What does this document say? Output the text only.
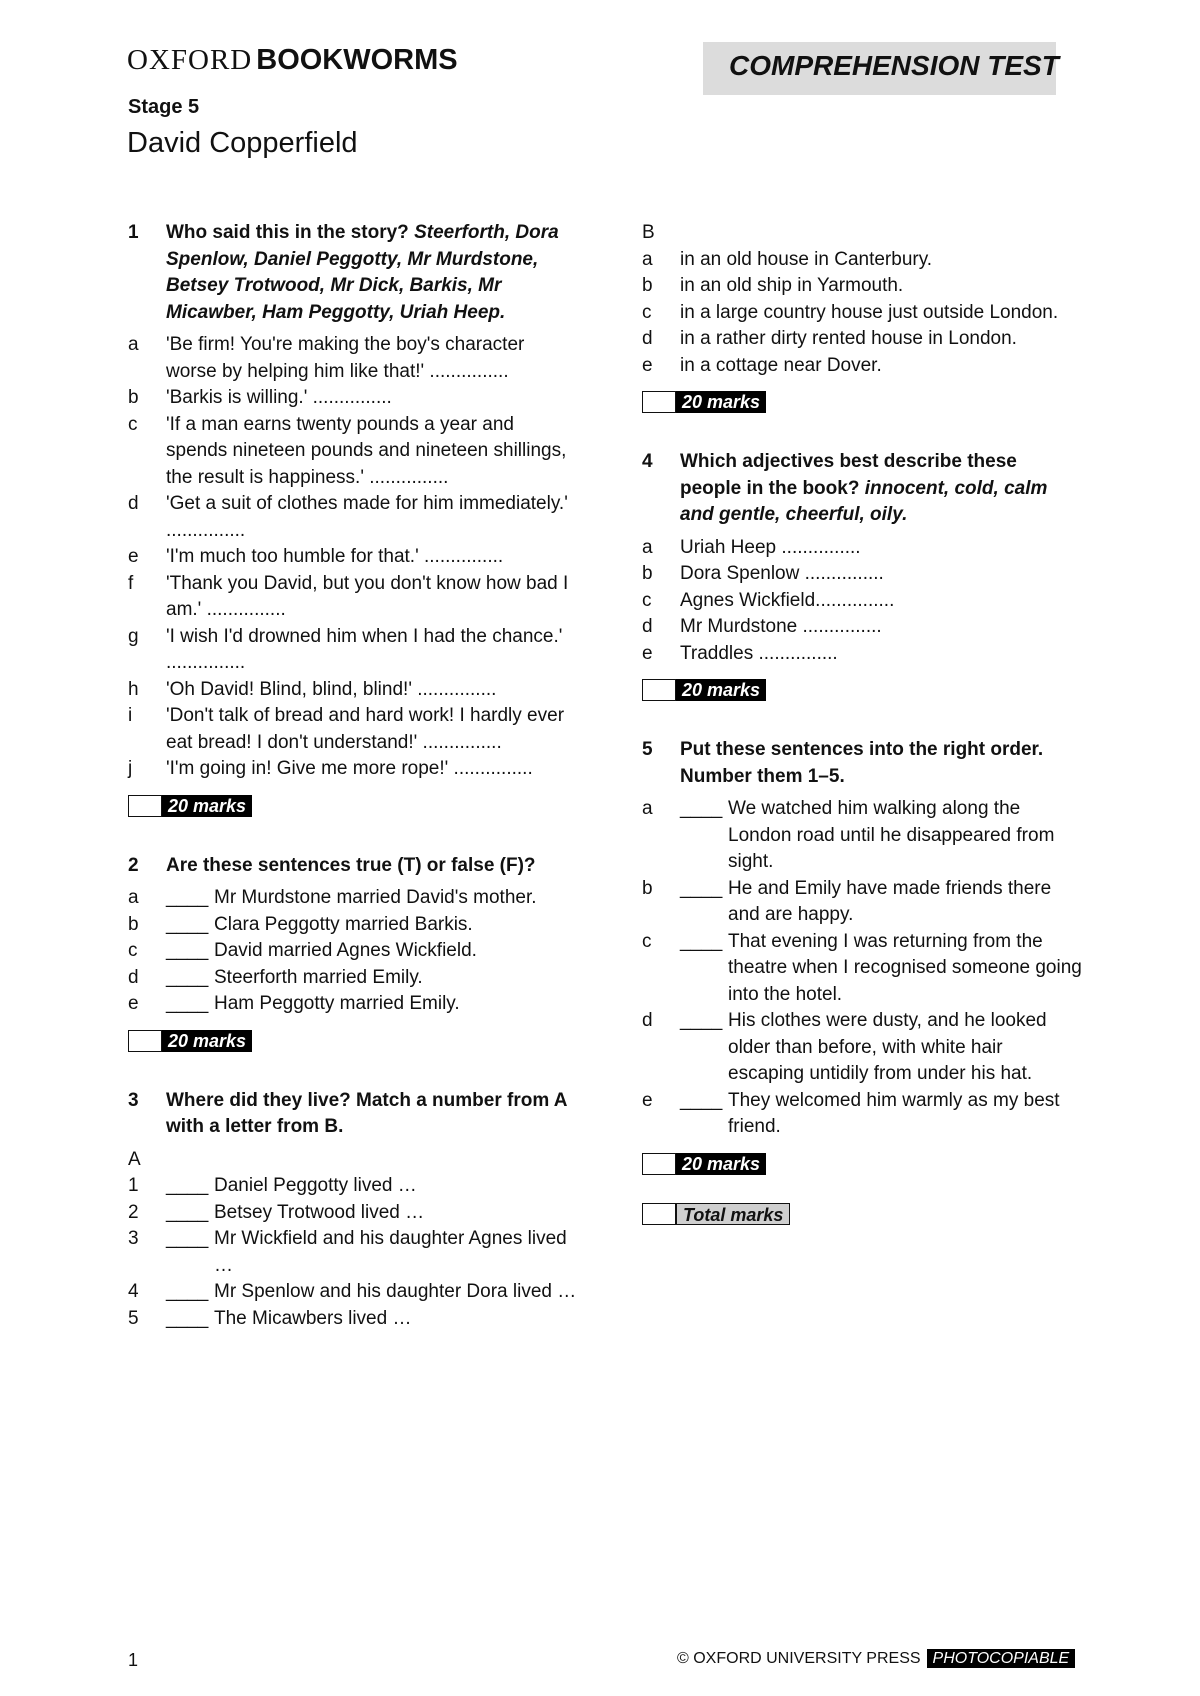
OXFORD BOOKWORMS	COMPREHENSION TEST
Stage 5
David Copperfield
1	Who said this in the story? Steerforth, Dora Spenlow, Daniel Peggotty, Mr Murdstone, Betsey Trotwood, Mr Dick, Barkis, Mr Micawber, Ham Peggotty, Uriah Heep.
a	'Be firm! You're making the boy's character worse by helping him like that!' ...............
b	'Barkis is willing.' ...............
c	'If a man earns twenty pounds a year and spends nineteen pounds and nineteen shillings, the result is happiness.' ...............
d	'Get a suit of clothes made for him immediately.' ...............
e	'I'm much too humble for that.' ...............
f	'Thank you David, but you don't know how bad I am.' ...............
g	'I wish I'd drowned him when I had the chance.' ...............
h	'Oh David! Blind, blind, blind!' ...............
i	'Don't talk of bread and hard work! I hardly ever eat bread! I don't understand!' ...............
j	'I'm going in! Give me more rope!' ...............
20 marks
2	Are these sentences true (T) or false (F)?
a ____	Mr Murdstone married David's mother.
b ____	Clara Peggotty married Barkis.
c ____	David married Agnes Wickfield.
d ____	Steerforth married Emily.
e ____	Ham Peggotty married Emily.
20 marks
3	Where did they live? Match a number from A with a letter from B.
A
1 ____	Daniel Peggotty lived …
2 ____	Betsey Trotwood lived …
3 ____	Mr Wickfield and his daughter Agnes lived …
4 ____	Mr Spenlow and his daughter Dora lived …
5 ____	The Micawbers lived …
B
a	in an old house in Canterbury.
b	in an old ship in Yarmouth.
c	in a large country house just outside London.
d	in a rather dirty rented house in London.
e	in a cottage near Dover.
20 marks
4	Which adjectives best describe these people in the book? innocent, cold, calm and gentle, cheerful, oily.
a	Uriah Heep ...............
b	Dora Spenlow ...............
c	Agnes Wickfield...............
d	Mr Murdstone ...............
e	Traddles ...............
20 marks
5	Put these sentences into the right order. Number them 1–5.
a ____	We watched him walking along the London road until he disappeared from sight.
b ____	He and Emily have made friends there and are happy.
c ____	That evening I was returning from the theatre when I recognised someone going into the hotel.
d ____	His clothes were dusty, and he looked older than before, with white hair escaping untidily from under his hat.
e ____	They welcomed him warmly as my best friend.
20 marks
Total marks
1	© OXFORD UNIVERSITY PRESS PHOTOCOPIABLE
